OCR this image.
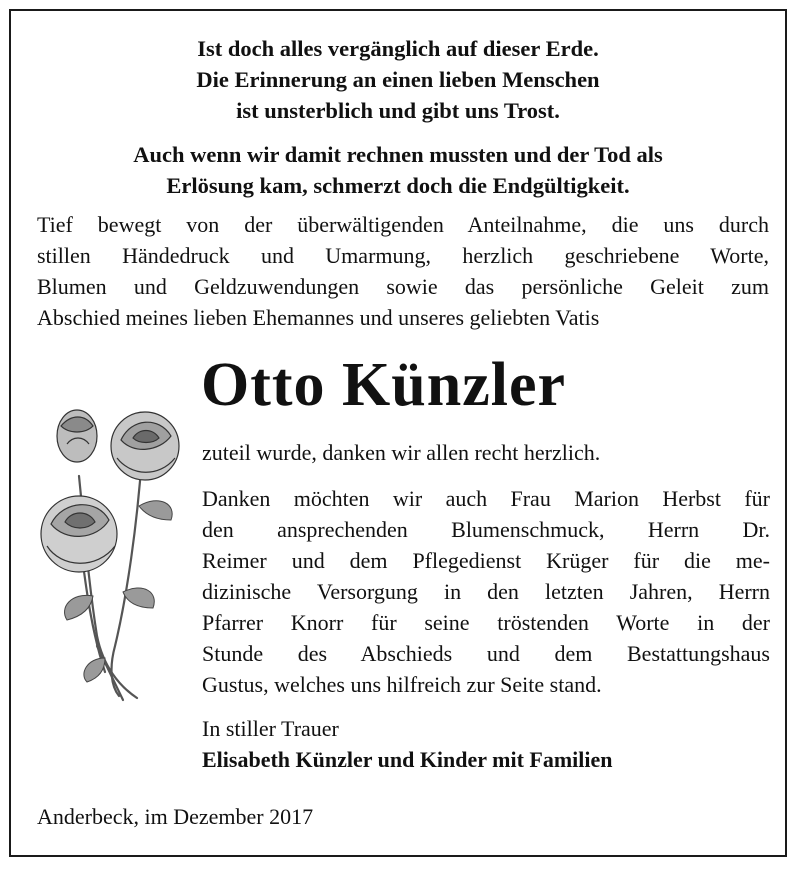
Ist doch alles vergänglich auf dieser Erde.
Die Erinnerung an einen lieben Menschen
ist unsterblich und gibt uns Trost.
Auch wenn wir damit rechnen mussten und der Tod als
Erlösung kam, schmerzt doch die Endgültigkeit.
Tief bewegt von der überwältigenden Anteilnahme, die uns durch
stillen Händedruck und Umarmung, herzlich geschriebene Worte,
Blumen und Geldzuwendungen sowie das persönliche Geleit zum
Abschied meines lieben Ehemannes und unseres geliebten Vatis
Otto Künzler
zuteil wurde, danken wir allen recht herzlich.
Danken möchten wir auch Frau Marion Herbst für
den ansprechenden Blumenschmuck, Herrn Dr.
Reimer und dem Pflegedienst Krüger für die me-
dizinische Versorgung in den letzten Jahren, Herrn
Pfarrer Knorr für seine tröstenden Worte in der
Stunde des Abschieds und dem Bestattungshaus
Gustus, welches uns hilfreich zur Seite stand.
In stiller Trauer
Elisabeth Künzler und Kinder mit Familien
Anderbeck, im Dezember 2017
